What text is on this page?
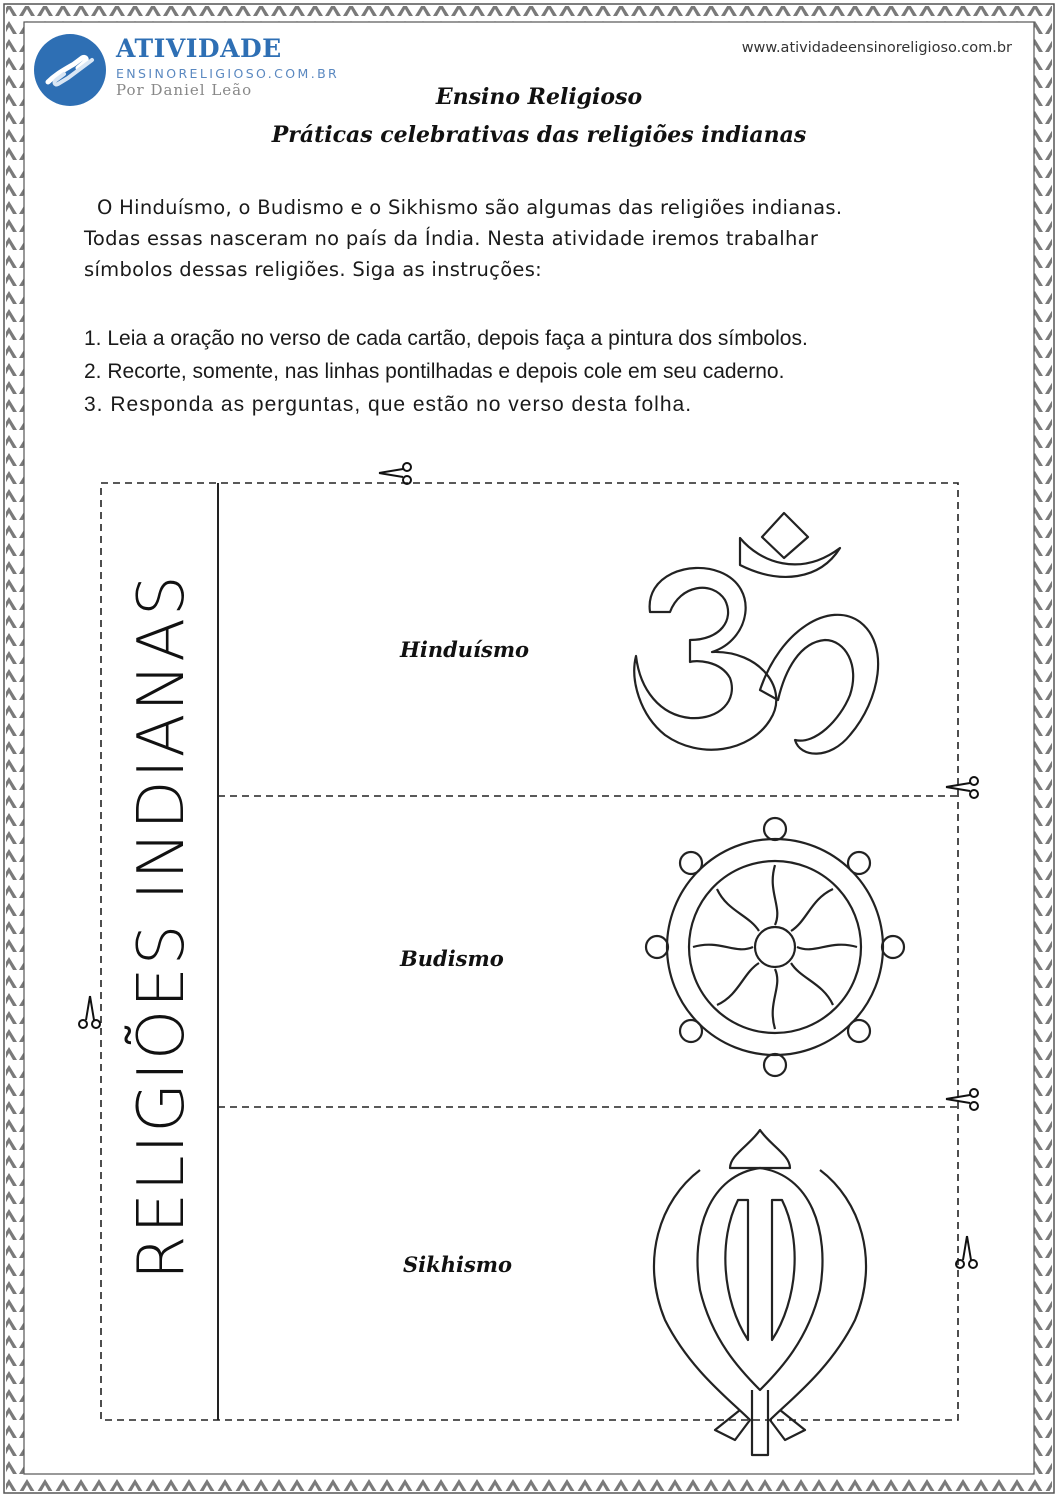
ATIVIDADE
ENSINORELIGIOSO.COM.BR
Por Daniel Leão
www.atividadeensinoreligioso.com.br
Ensino Religioso
Práticas celebrativas das religiões indianas

O Hinduísmo, o Budismo e o Sikhismo são algumas das religiões indianas.

Todas essas nasceram no país da Índia. Nesta atividade iremos trabalhar

símbolos dessas religiões. Siga as instruções:

1. Leia a oração no verso de cada cartão, depois faça a pintura dos símbolos.

2. Recorte, somente, nas linhas pontilhadas e depois cole em seu caderno.

3. Responda as perguntas, que estão no verso desta folha.

RELIGIÕES INDIANAS	Hinduísmo
Budismo
Sikhismo
